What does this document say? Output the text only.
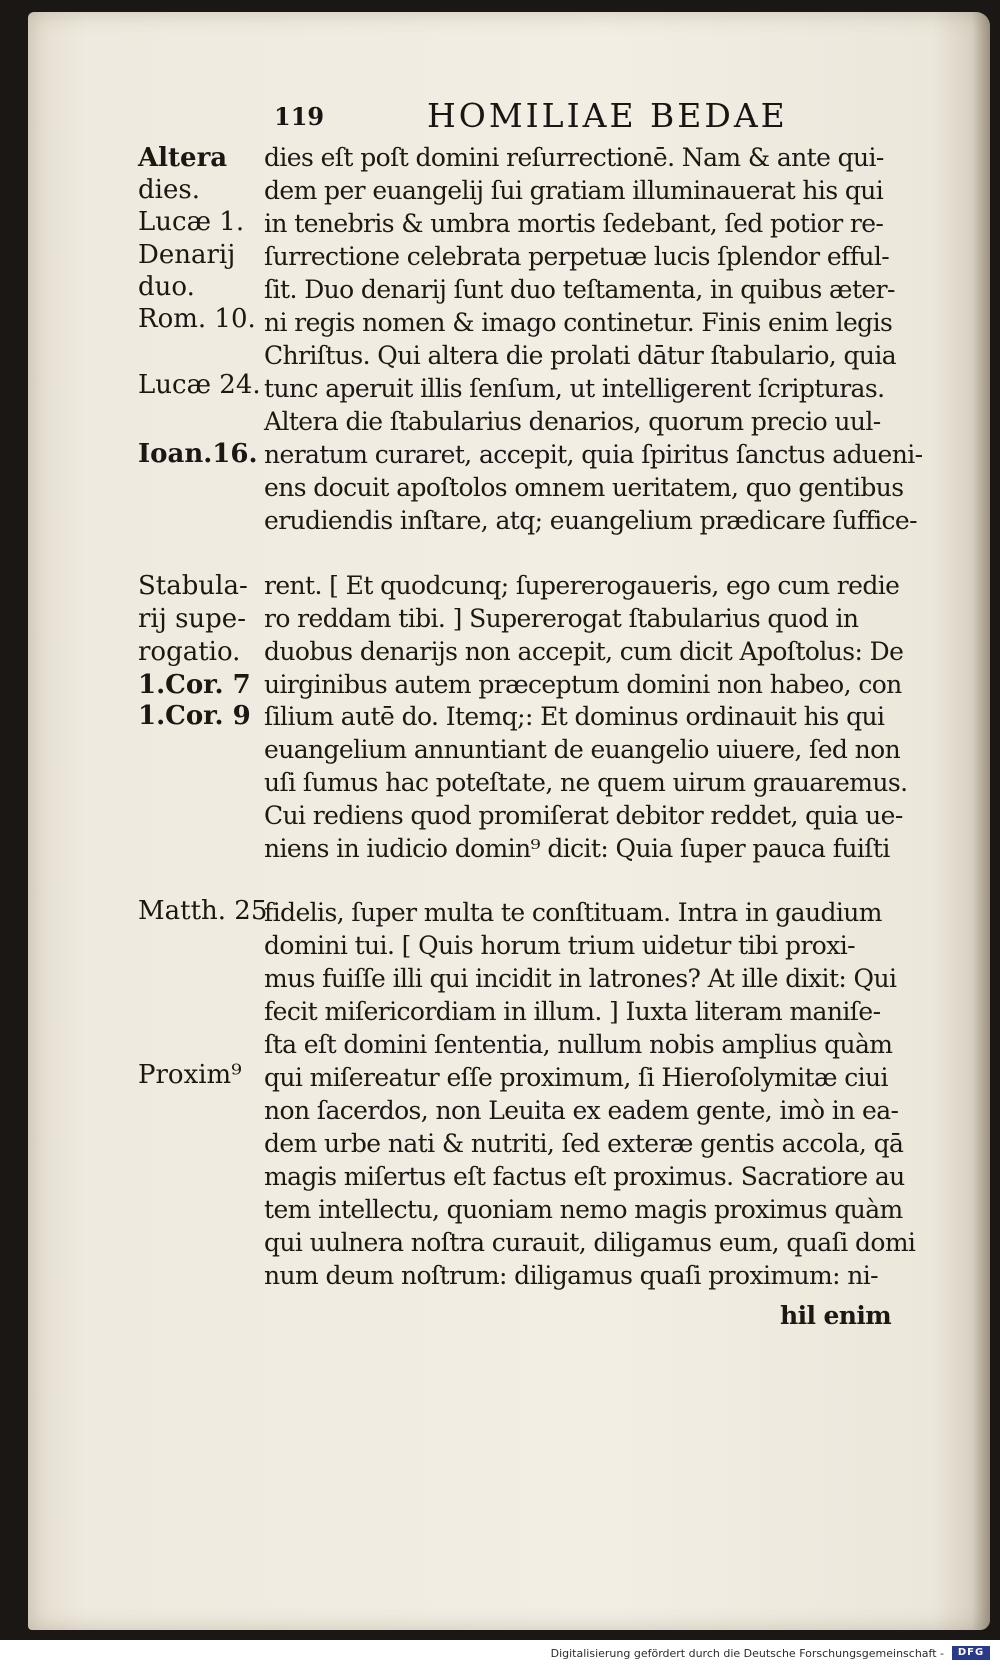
119	HOMILIAE BEDAE
Altera
dies.
Lucæ 1.
Denarij
duo.
Rom. 10.
Lucæ 24.
Ioan.16.
Stabula-
rij supe-
rogatio.
1.Cor. 7
1.Cor. 9
Matth. 25
Proxim⁹
dies eſt poſt domini reſurrectionē. Nam & ante qui-
dem per euangelij ſui gratiam illuminauerat his qui
in tenebris & umbra mortis ſedebant, ſed potior re-
ſurrectione celebrata perpetuæ lucis ſplendor efful-
ſit. Duo denarij ſunt duo teſtamenta, in quibus æter-
ni regis nomen & imago continetur. Finis enim legis
Chriſtus. Qui altera die prolati dātur ſtabulario, quia
tunc aperuit illis ſenſum, ut intelligerent ſcripturas.
Altera die ſtabularius denarios, quorum precio uul-
neratum curaret, accepit, quia ſpiritus ſanctus adueni-
ens docuit apoſtolos omnem ueritatem, quo gentibus
erudiendis inſtare, atq; euangelium prædicare ſuffice-
rent. [ Et quodcunq; ſupererogaueris, ego cum redie
ro reddam tibi. ] Supererogat ſtabularius quod in
duobus denarijs non accepit, cum dicit Apoſtolus: De
uirginibus autem præceptum domini non habeo, con
ſilium autē do. Itemq;: Et dominus ordinauit his qui
euangelium annuntiant de euangelio uiuere, ſed non
uſi ſumus hac poteſtate, ne quem uirum grauaremus.
Cui rediens quod promiſerat debitor reddet, quia ue-
niens in iudicio domin⁹ dicit: Quia ſuper pauca fuiſti
fidelis, ſuper multa te conſtituam. Intra in gaudium
domini tui. [ Quis horum trium uidetur tibi proxi-
mus fuiſſe illi qui incidit in latrones? At ille dixit: Qui
fecit miſericordiam in illum. ] Iuxta literam maniſe-
ſta eſt domini ſententia, nullum nobis amplius quàm
qui miſereatur eſſe proximum, ſi Hieroſolymitæ ciui
non ſacerdos, non Leuita ex eadem gente, imò in ea-
dem urbe nati & nutriti, ſed exteræ gentis accola, qā
magis miſertus eſt factus eſt proximus. Sacratiore au
tem intellectu, quoniam nemo magis proximus quàm
qui uulnera noſtra curauit, diligamus eum, quaſi domi
num deum noſtrum: diligamus quaſi proximum: ni-
hil enim
Digitalisierung gefördert durch die Deutsche Forschungsgemeinschaft -	DFG
